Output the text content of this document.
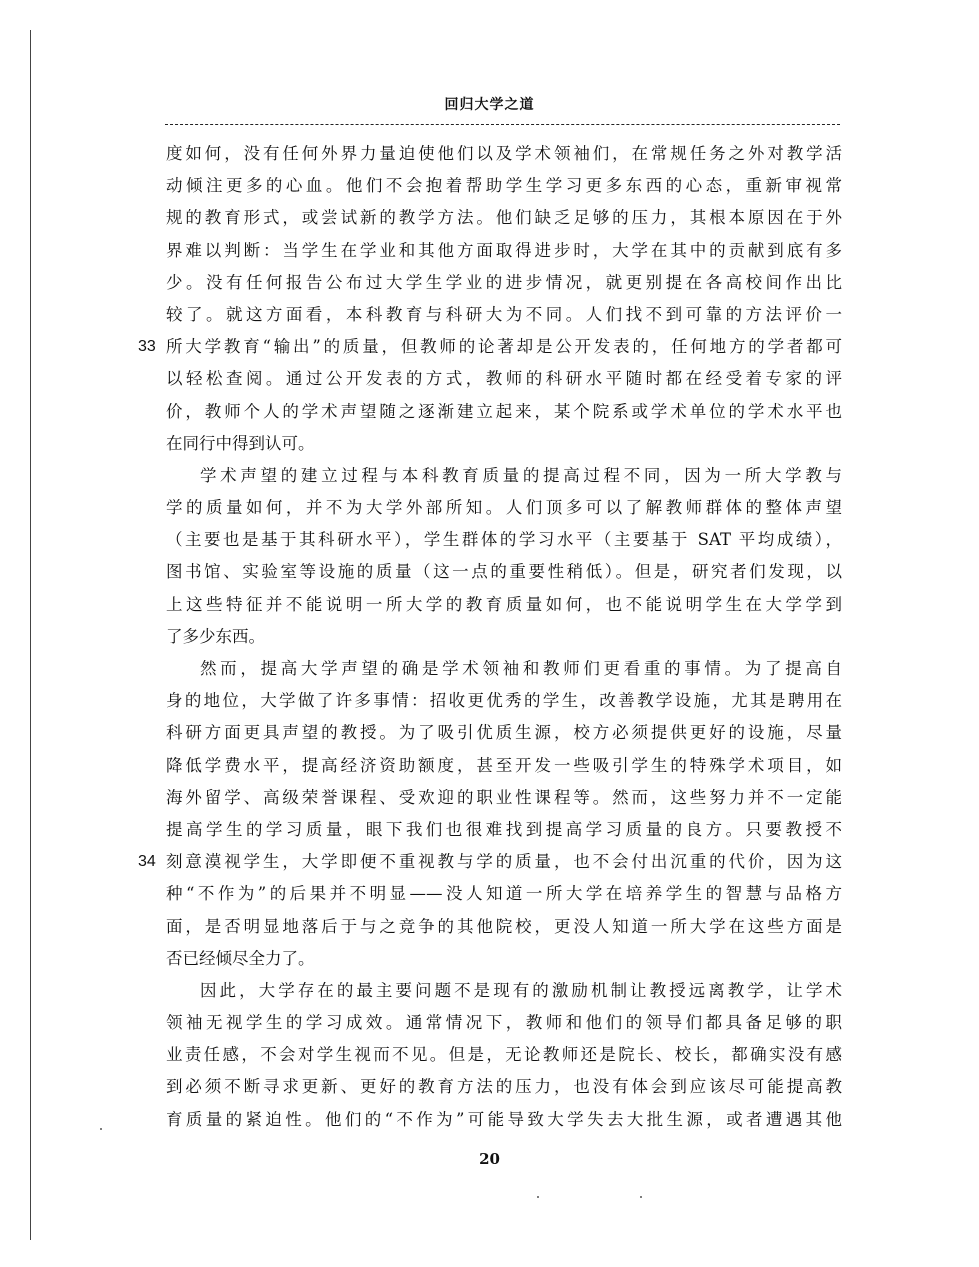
回归大学之道
33
34
度如何，没有任何外界力量迫使他们以及学术领袖们，在常规任务之外对教学活
动倾注更多的心血。他们不会抱着帮助学生学习更多东西的心态，重新审视常
规的教育形式，或尝试新的教学方法。他们缺乏足够的压力，其根本原因在于外
界难以判断：当学生在学业和其他方面取得进步时，大学在其中的贡献到底有多
少。没有任何报告公布过大学生学业的进步情况，就更别提在各高校间作出比
较了。就这方面看，本科教育与科研大为不同。人们找不到可靠的方法评价一
所大学教育“输出”的质量，但教师的论著却是公开发表的，任何地方的学者都可
以轻松查阅。通过公开发表的方式，教师的科研水平随时都在经受着专家的评
价，教师个人的学术声望随之逐渐建立起来，某个院系或学术单位的学术水平也
在同行中得到认可。
学术声望的建立过程与本科教育质量的提高过程不同，因为一所大学教与
学的质量如何，并不为大学外部所知。人们顶多可以了解教师群体的整体声望
（主要也是基于其科研水平），学生群体的学习水平（主要基于 SAT 平均成绩），
图书馆、实验室等设施的质量（这一点的重要性稍低）。但是，研究者们发现，以
上这些特征并不能说明一所大学的教育质量如何，也不能说明学生在大学学到
了多少东西。
然而，提高大学声望的确是学术领袖和教师们更看重的事情。为了提高自
身的地位，大学做了许多事情：招收更优秀的学生，改善教学设施，尤其是聘用在
科研方面更具声望的教授。为了吸引优质生源，校方必须提供更好的设施，尽量
降低学费水平，提高经济资助额度，甚至开发一些吸引学生的特殊学术项目，如
海外留学、高级荣誉课程、受欢迎的职业性课程等。然而，这些努力并不一定能
提高学生的学习质量，眼下我们也很难找到提高学习质量的良方。只要教授不
刻意漠视学生，大学即便不重视教与学的质量，也不会付出沉重的代价，因为这
种“不作为”的后果并不明显——没人知道一所大学在培养学生的智慧与品格方
面，是否明显地落后于与之竞争的其他院校，更没人知道一所大学在这些方面是
否已经倾尽全力了。
因此，大学存在的最主要问题不是现有的激励机制让教授远离教学，让学术
领袖无视学生的学习成效。通常情况下，教师和他们的领导们都具备足够的职
业责任感，不会对学生视而不见。但是，无论教师还是院长、校长，都确实没有感
到必须不断寻求更新、更好的教育方法的压力，也没有体会到应该尽可能提高教
育质量的紧迫性。他们的“不作为”可能导致大学失去大批生源，或者遭遇其他
20
